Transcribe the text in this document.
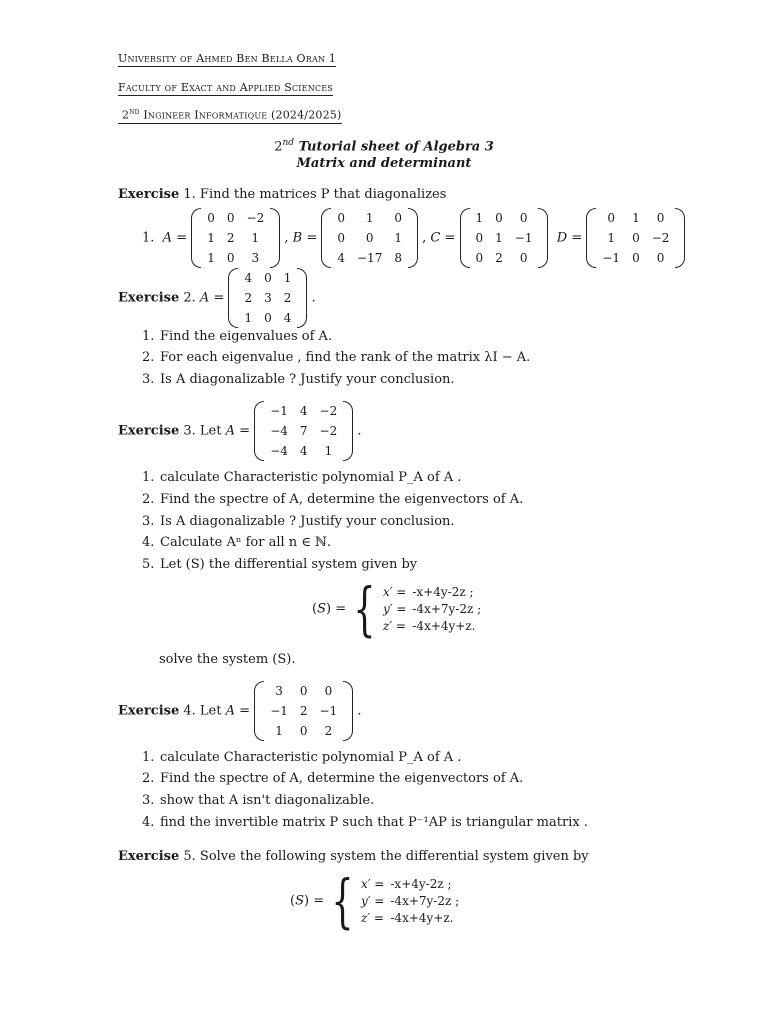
University of Ahmed Ben Bella Oran 1
Faculty of Exact and Applied Sciences
2nd Ingineer Informatique (2024/2025)
2nd Tutorial sheet of Algebra 3
Matrix and determinant
Exercise 1. Find the matrices P that diagonalizes
1. A =
0	0	−2
1	2	1
1	0	3
, B =
0	1	0
0	0	1
4	−17	8
, C =
1	0	0
0	1	−1
0	2	0
D =
0	1	0
1	0	−2
−1	0	0
Exercise 2. A =
4	0	1
2	3	2
1	0	4
.
1. Find the eigenvalues of A.
2. For each eigenvalue , find the rank of the matrix λI − A.
3. Is A diagonalizable ? Justify your conclusion.
Exercise 3. Let A =
−1	4	−2
−4	7	−2
−4	4	1
.
1. calculate Characteristic polynomial P_A of A .
2. Find the spectre of A, determine the eigenvectors of A.
3. Is A diagonalizable ? Justify your conclusion.
4. Calculate Aⁿ for all n ∈ ℕ.
5. Let (S) the differential system given by
(S) = { x′ =	-x+4y-2z ;
y′ =	-4x+7y-2z ;
z′ =	-4x+4y+z.
solve the system (S).
Exercise 4. Let A =
3	0	0
−1	2	−1
1	0	2
.
1. calculate Characteristic polynomial P_A of A .
2. Find the spectre of A, determine the eigenvectors of A.
3. show that A isn't diagonalizable.
4. find the invertible matrix P such that P⁻¹AP is triangular matrix .
Exercise 5. Solve the following system the differential system given by
(S) = { x′ =	-x+4y-2z ;
y′ =	-4x+7y-2z ;
z′ =	-4x+4y+z.
